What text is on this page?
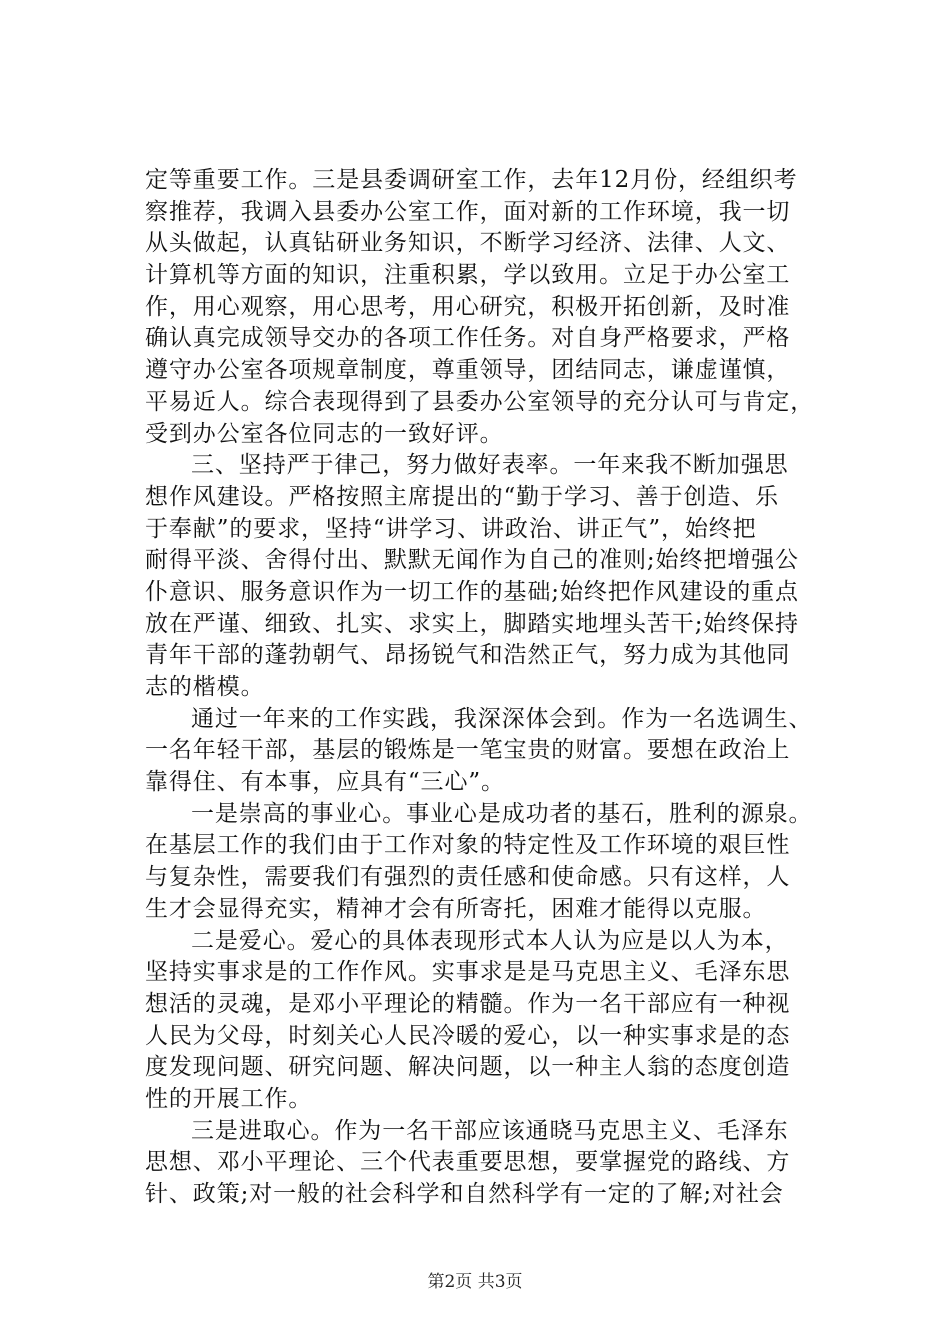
定等重要工作。三是县委调研室工作，去年12月份，经组织考
察推荐，我调入县委办公室工作，面对新的工作环境，我一切
从头做起，认真钻研业务知识，不断学习经济、法律、人文、
计算机等方面的知识，注重积累，学以致用。立足于办公室工
作，用心观察，用心思考，用心研究，积极开拓创新，及时准
确认真完成领导交办的各项工作任务。对自身严格要求，严格
遵守办公室各项规章制度，尊重领导，团结同志，谦虚谨慎，
平易近人。综合表现得到了县委办公室领导的充分认可与肯定，
受到办公室各位同志的一致好评。
三、坚持严于律己，努力做好表率。一年来我不断加强思
想作风建设。严格按照主席提出的“勤于学习、善于创造、乐
于奉献”的要求，坚持“讲学习、讲政治、讲正气”，始终把
耐得平淡、舍得付出、默默无闻作为自己的准则;始终把增强公
仆意识、服务意识作为一切工作的基础;始终把作风建设的重点
放在严谨、细致、扎实、求实上，脚踏实地埋头苦干;始终保持
青年干部的蓬勃朝气、昂扬锐气和浩然正气，努力成为其他同
志的楷模。
通过一年来的工作实践，我深深体会到。作为一名选调生、
一名年轻干部，基层的锻炼是一笔宝贵的财富。要想在政治上
靠得住、有本事，应具有“三心”。
一是崇高的事业心。事业心是成功者的基石，胜利的源泉。
在基层工作的我们由于工作对象的特定性及工作环境的艰巨性
与复杂性，需要我们有强烈的责任感和使命感。只有这样，人
生才会显得充实，精神才会有所寄托，困难才能得以克服。
二是爱心。爱心的具体表现形式本人认为应是以人为本，
坚持实事求是的工作作风。实事求是是马克思主义、毛泽东思
想活的灵魂，是邓小平理论的精髓。作为一名干部应有一种视
人民为父母，时刻关心人民冷暖的爱心，以一种实事求是的态
度发现问题、研究问题、解决问题，以一种主人翁的态度创造
性的开展工作。
三是进取心。作为一名干部应该通晓马克思主义、毛泽东
思想、邓小平理论、三个代表重要思想，要掌握党的路线、方
针、政策;对一般的社会科学和自然科学有一定的了解;对社会
第2页 共3页
